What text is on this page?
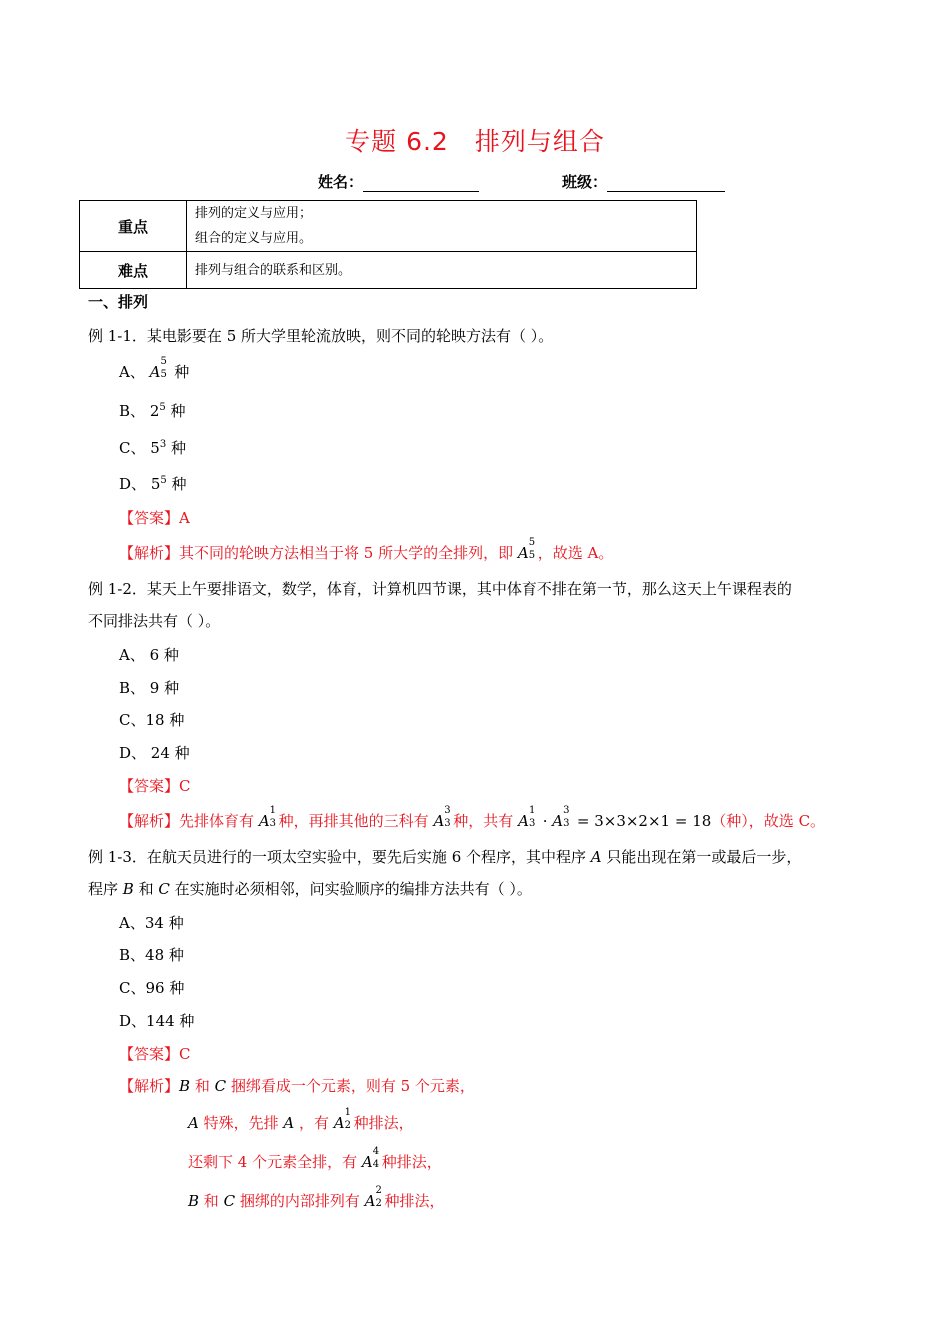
专题 6.2 排列与组合
姓名：	班级：
重点	排列的定义与应用；
组合的定义与应用。

难点	排列与组合的联系和区别。
一、排列
例 1-1．某电影要在 5 所大学里轮流放映，则不同的轮映方法有（ ）。
A、 A
5
5 种
B、 $2^5$ 种
C、 $5^3$ 种
D、 $5^5$ 种
【答案】A
【解析】其不同的轮映方法相当于将 5 所大学的全排列，即 A
5
5 ，故选 A。
例 1-2．某天上午要排语文，数学，体育，计算机四节课，其中体育不排在第一节，那么这天上午课程表的
不同排法共有（ ）。
A、 6 种
B、 9 种
C、18 种
D、 24 种
【答案】C
【解析】先排体育有 A
1
3 种，再排其他的三科有 A
3
3 种，共有 A
1
3 · A
3
3 = 3×3×2×1 = 18（种），故选 C。
例 1-3．在航天员进行的一项太空实验中，要先后实施 6 个程序，其中程序 A 只能出现在第一或最后一步，
程序 B 和 C 在实施时必须相邻，问实验顺序的编排方法共有（ ）。
A、34 种
B、48 种
C、96 种
D、144 种
【答案】C
【解析】B 和 C 捆绑看成一个元素，则有 5 个元素，
A 特殊，先排 A ，有 A
1
2 种排法，
还剩下 4 个元素全排，有 A
4
4 种排法，
B 和 C 捆绑的内部排列有 A
2
2 种排法，
